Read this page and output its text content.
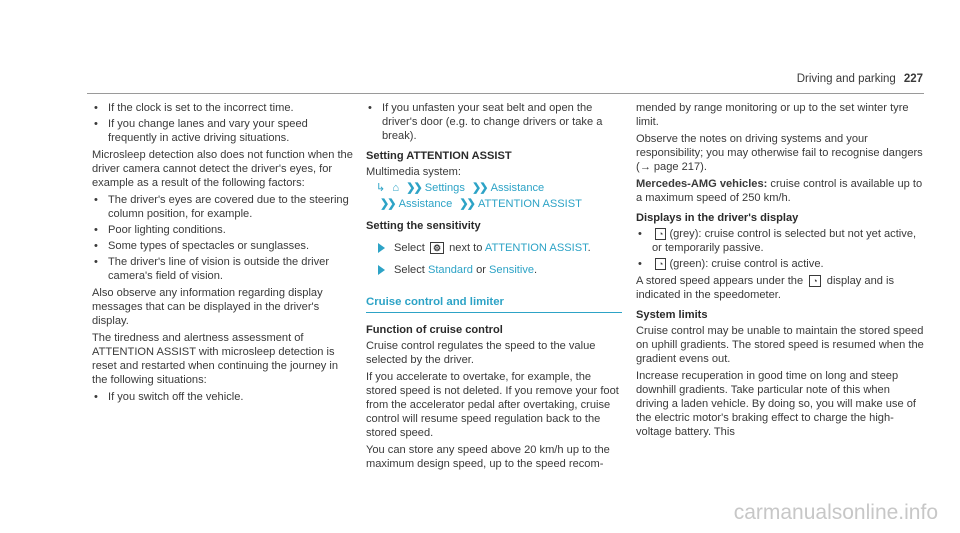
Driving and parking 227
• If the clock is set to the incorrect time.
• If you change lanes and vary your speed frequently in active driving situations.

Microsleep detection also does not function when the driver camera cannot detect the driver's eyes, for example as a result of the following factors:

• The driver's eyes are covered due to the steering column position, for example.
• Poor lighting conditions.
• Some types of spectacles or sunglasses.
• The driver's line of vision is outside the driver camera's field of vision.

Also observe any information regarding display messages that can be displayed in the driver's display.

The tiredness and alertness assessment of ATTENTION ASSIST with microsleep detection is reset and restarted when continuing the journey in the following situations:

• If you switch off the vehicle.
• If you unfasten your seat belt and open the driver's door (e.g. to change drivers or take a break).
Setting ATTENTION ASSIST

Multimedia system:

↳ ⌂ ❯❯ Settings ❯❯ Assistance
❯❯ Assistance ❯❯ ATTENTION ASSIST
Setting the sensitivity
Select ⚙ next to ATTENTION ASSIST.
Select Standard or Sensitive.
Cruise control and limiter
Function of cruise control

Cruise control regulates the speed to the value selected by the driver.

If you accelerate to overtake, for example, the stored speed is not deleted. If you remove your foot from the accelerator pedal after overtaking, cruise control will resume speed regulation back to the stored speed.

You can store any speed above 20 km/h up to the maximum design speed, up to the speed recom-

mended by range monitoring or up to the set winter tyre limit.

Observe the notes on driving systems and your responsibility; you may otherwise fail to recognise dangers (→ page 217).

Mercedes-AMG vehicles: cruise control is available up to a maximum speed of 250 km/h.

Displays in the driver's display
• ◔ (grey): cruise control is selected but not yet active, or temporarily passive.
• ◔ (green): cruise control is active.

A stored speed appears under the ◔ display and is indicated in the speedometer.

System limits

Cruise control may be unable to maintain the stored speed on uphill gradients. The stored speed is resumed when the gradient evens out.

Increase recuperation in good time on long and steep downhill gradients. Take particular note of this when driving a laden vehicle. By doing so, you will make use of the electric motor's braking effect to charge the high-voltage battery. This

carmanualsonline.info
